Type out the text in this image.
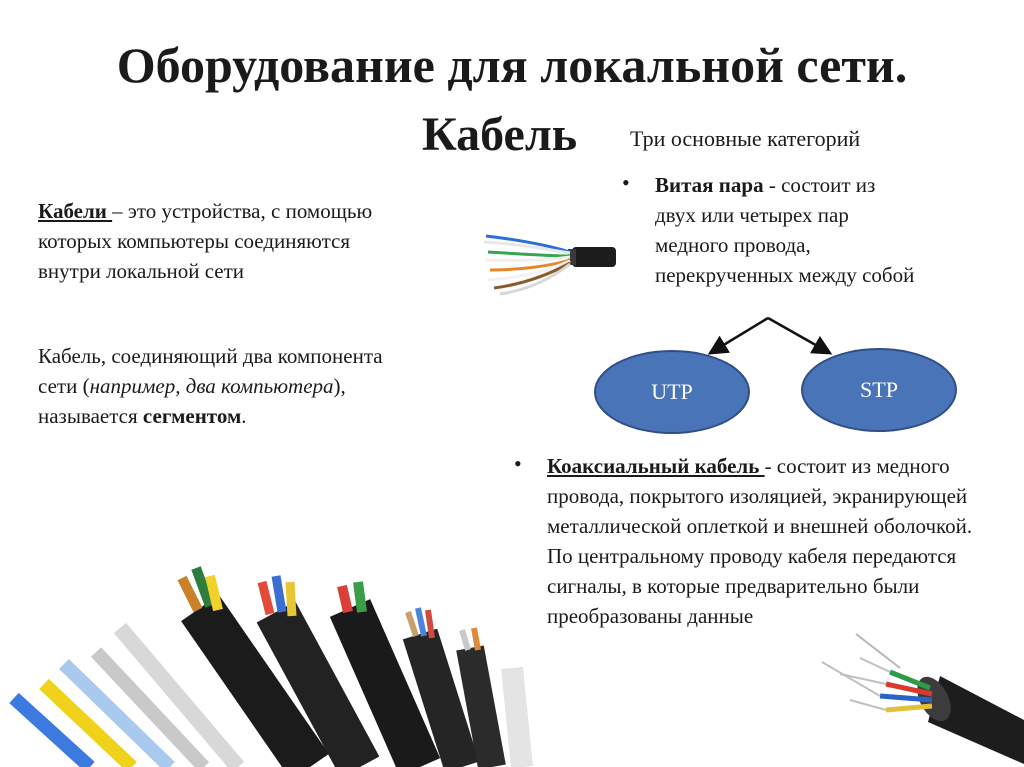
Оборудование для локальной сети.
Кабель Три основные категорий
Кабели – это устройства, с помощью которых компьютеры соединяются внутри локальной сети
Кабель, соединяющий два компонента сети (например, два компьютера), называется сегментом.
• Витая пара - состоит из двух или четырех пар медного провода, перекрученных между собой
UTP	STP
• Коаксиальный кабель - состоит из медного провода, покрытого изоляцией, экранирующей металлической оплеткой и внешней оболочкой. По центральному проводу кабеля передаются сигналы, в которые предварительно были преобразованы данные
